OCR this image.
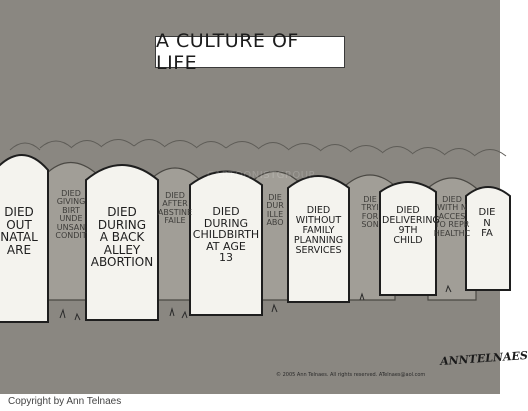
A CULTURE OF LIFE
DIED
GIVING
BIRT
UNDE
UNSAN
CONDIT
DIED
AFTER
ABSTINE
FAILE
DIE
DUR
ILLE
ABO
DIE
TRYI
FOR
SON
DIED
WITH N
ACCES
TO REPR
HEALTHC
DIED
OUT
NATAL
ARE
DIED
DURING
A BACK
ALLEY
ABORTION
DIED
DURING
CHILDBIRTH
AT AGE
13
DIED
WITHOUT
FAMILY
PLANNING
SERVICES
DIED
DELIVERING
9TH
CHILD
DIE
N
FA
CARTOONISTGROUP
© 2005 Ann Telnaes. All rights reserved. ATelnaes@aol.com
ANNTELNAES
Copyright by Ann Telnaes
